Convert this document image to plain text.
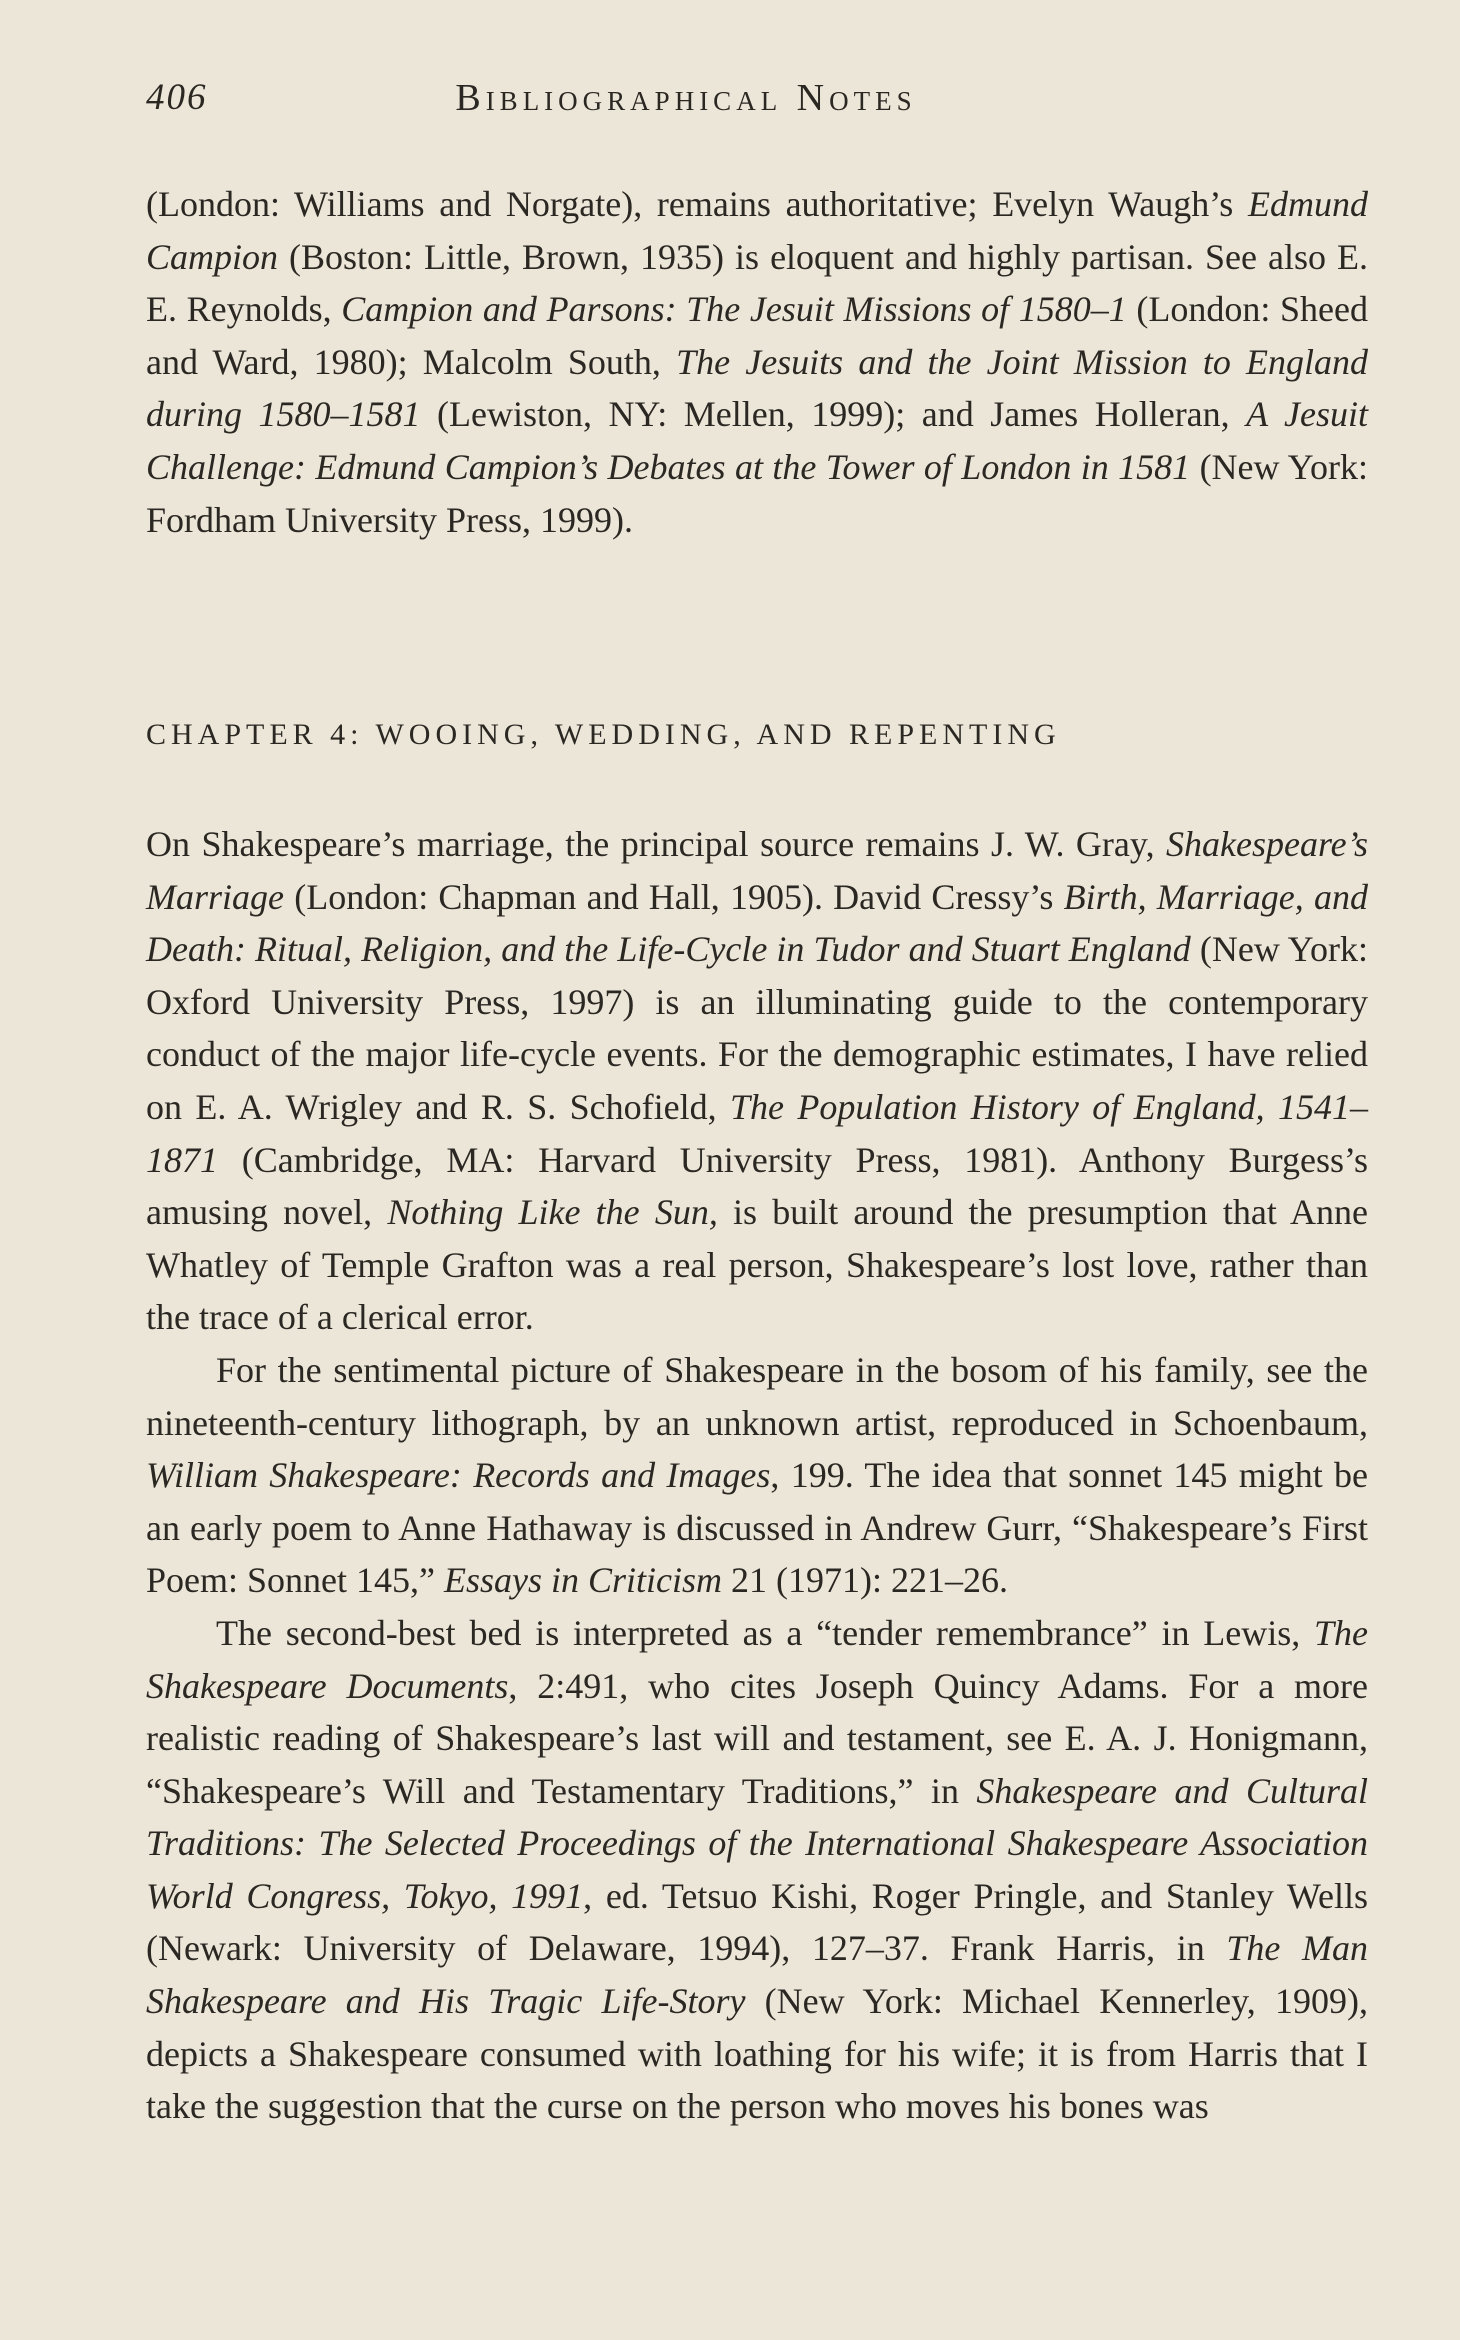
406	Bibliographical Notes

(London: Williams and Norgate), remains authoritative; Evelyn Waugh’s Edmund Campion (Boston: Little, Brown, 1935) is eloquent and highly partisan. See also E. E. Reynolds, Campion and Parsons: The Jesuit Missions of 1580–1 (London: Sheed and Ward, 1980); Malcolm South, The Jesuits and the Joint Mission to England during 1580–1581 (Lewiston, NY: Mellen, 1999); and James Holleran, A Jesuit Challenge: Edmund Campion’s Debates at the Tower of London in 1581 (New York: Fordham University Press, 1999).

CHAPTER 4: WOOING, WEDDING, AND REPENTING

On Shakespeare’s marriage, the principal source remains J. W. Gray, Shakespeare’s Marriage (London: Chapman and Hall, 1905). David Cressy’s Birth, Marriage, and Death: Ritual, Religion, and the Life-Cycle in Tudor and Stuart England (New York: Oxford University Press, 1997) is an illuminating guide to the contemporary conduct of the major life-cycle events. For the demographic estimates, I have relied on E. A. Wrigley and R. S. Schofield, The Population History of England, 1541–1871 (Cambridge, MA: Harvard University Press, 1981). Anthony Burgess’s amusing novel, Nothing Like the Sun, is built around the presumption that Anne Whatley of Temple Grafton was a real person, Shakespeare’s lost love, rather than the trace of a clerical error.

For the sentimental picture of Shakespeare in the bosom of his family, see the nineteenth-century lithograph, by an unknown artist, reproduced in Schoenbaum, William Shakespeare: Records and Images, 199. The idea that sonnet 145 might be an early poem to Anne Hathaway is discussed in Andrew Gurr, “Shakespeare’s First Poem: Sonnet 145,” Essays in Criticism 21 (1971): 221–26.

The second-best bed is interpreted as a “tender remembrance” in Lewis, The Shakespeare Documents, 2:491, who cites Joseph Quincy Adams. For a more realistic reading of Shakespeare’s last will and testament, see E. A. J. Honigmann, “Shakespeare’s Will and Testamentary Traditions,” in Shakespeare and Cultural Traditions: The Selected Proceedings of the International Shakespeare Association World Congress, Tokyo, 1991, ed. Tetsuo Kishi, Roger Pringle, and Stanley Wells (Newark: University of Delaware, 1994), 127–37. Frank Harris, in The Man Shakespeare and His Tragic Life-Story (New York: Michael Kennerley, 1909), depicts a Shakespeare consumed with loathing for his wife; it is from Harris that I take the suggestion that the curse on the person who moves his bones was
